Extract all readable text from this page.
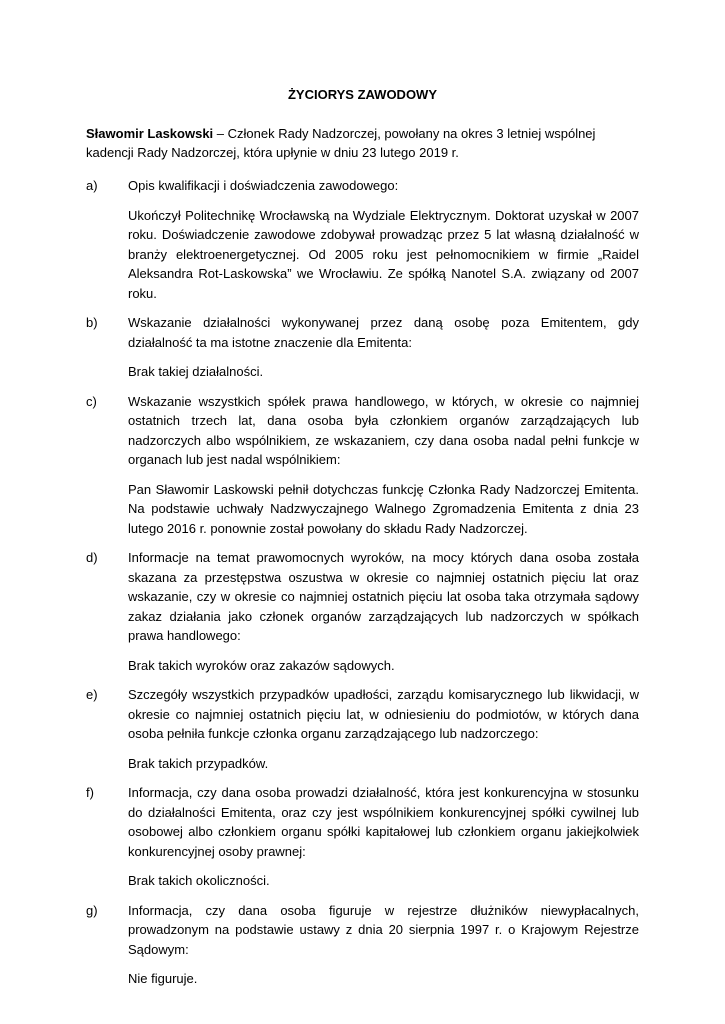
ŻYCIORYS ZAWODOWY

Sławomir Laskowski – Członek Rady Nadzorczej, powołany na okres 3 letniej wspólnej kadencji Rady Nadzorczej, która upłynie w dniu 23 lutego 2019 r.

a)	Opis kwalifikacji i doświadczenia zawodowego:

Ukończył Politechnikę Wrocławską na Wydziale Elektrycznym. Doktorat uzyskał w 2007 roku. Doświadczenie zawodowe zdobywał prowadząc przez 5 lat własną działalność w branży elektroenergetycznej. Od 2005 roku jest pełnomocnikiem w firmie „Raidel Aleksandra Rot-Laskowska” we Wrocławiu. Ze spółką Nanotel S.A. związany od 2007 roku.

b)	Wskazanie działalności wykonywanej przez daną osobę poza Emitentem, gdy działalność ta ma istotne znaczenie dla Emitenta:

Brak takiej działalności.

c)	Wskazanie wszystkich spółek prawa handlowego, w których, w okresie co najmniej ostatnich trzech lat, dana osoba była członkiem organów zarządzających lub nadzorczych albo wspólnikiem, ze wskazaniem, czy dana osoba nadal pełni funkcje w organach lub jest nadal wspólnikiem:

Pan Sławomir Laskowski pełnił dotychczas funkcję Członka Rady Nadzorczej Emitenta. Na podstawie uchwały Nadzwyczajnego Walnego Zgromadzenia Emitenta z dnia 23 lutego 2016 r. ponownie został powołany do składu Rady Nadzorczej.

d)	Informacje na temat prawomocnych wyroków, na mocy których dana osoba została skazana za przestępstwa oszustwa w okresie co najmniej ostatnich pięciu lat oraz wskazanie, czy w okresie co najmniej ostatnich pięciu lat osoba taka otrzymała sądowy zakaz działania jako członek organów zarządzających lub nadzorczych w spółkach prawa handlowego:

Brak takich wyroków oraz zakazów sądowych.

e)	Szczegóły wszystkich przypadków upadłości, zarządu komisarycznego lub likwidacji, w okresie co najmniej ostatnich pięciu lat, w odniesieniu do podmiotów, w których dana osoba pełniła funkcje członka organu zarządzającego lub nadzorczego:

Brak takich przypadków.

f)	Informacja, czy dana osoba prowadzi działalność, która jest konkurencyjna w stosunku do działalności Emitenta, oraz czy jest wspólnikiem konkurencyjnej spółki cywilnej lub osobowej albo członkiem organu spółki kapitałowej lub członkiem organu jakiejkolwiek konkurencyjnej osoby prawnej:

Brak takich okoliczności.

g)	Informacja, czy dana osoba figuruje w rejestrze dłużników niewypłacalnych, prowadzonym na podstawie ustawy z dnia 20 sierpnia 1997 r. o Krajowym Rejestrze Sądowym:

Nie figuruje.
